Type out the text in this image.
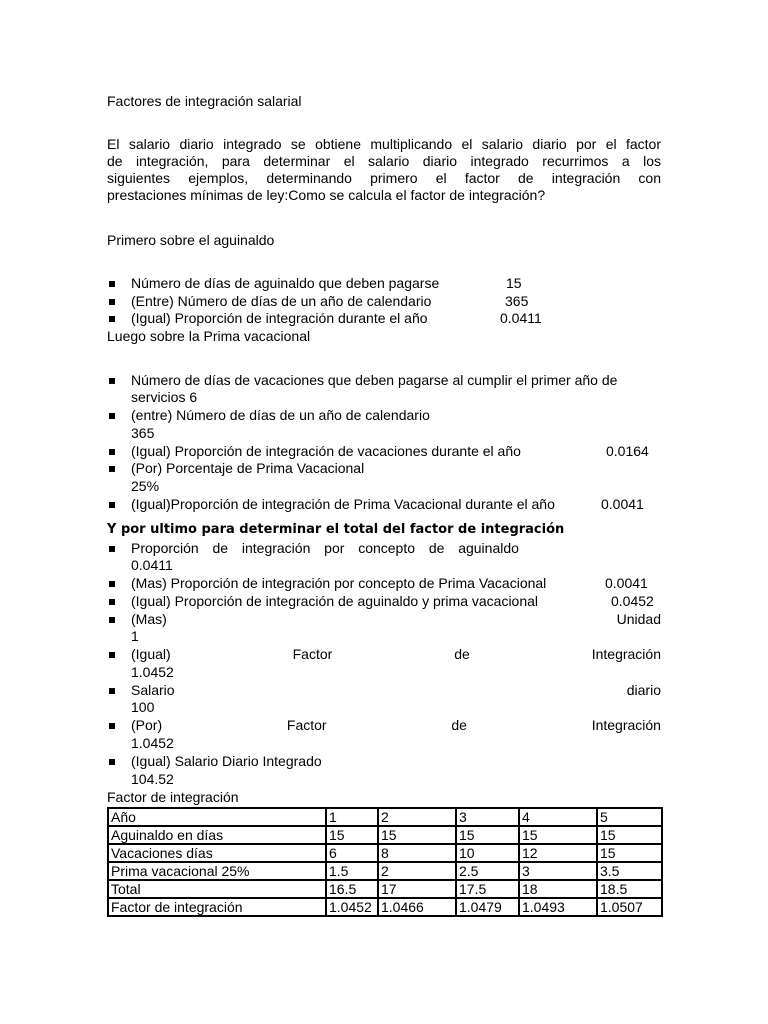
Factores de integración salarial
El salario diario integrado se obtiene multiplicando el salario diario por el factor
de integración, para determinar el salario diario integrado recurrimos a los
siguientes ejemplos, determinando primero el factor de integración con
prestaciones mínimas de ley:Como se calcula el factor de integración?
Primero sobre el aguinaldo
Número de días de aguinaldo que deben pagarse	15
(Entre) Número de días de un año de calendario	365
(Igual) Proporción de integración durante el año	0.0411
Luego sobre la Prima vacacional
Número de días de vacaciones que deben pagarse al cumplir el primer año de
servicios 6
(entre) Número de días de un año de calendario
365
(Igual) Proporción de integración de vacaciones durante el año	0.0164
(Por) Porcentaje de Prima Vacacional
25%
(Igual)Proporción de integración de Prima Vacacional durante el año	0.0041
Y por ultimo para determinar el total del factor de integración
Proporción de integración por concepto de aguinaldo
0.0411
(Mas) Proporción de integración por concepto de Prima Vacacional	0.0041
(Igual) Proporción de integración de aguinaldo y prima vacacional	0.0452
(Mas)	Unidad
1
(Igual)	Factor	de	Integración
1.0452
Salario	diario
100
(Por)	Factor	de	Integración
1.0452
(Igual) Salario Diario Integrado
104.52
Factor de integración
Año	1	2	3	4	5
Aguinaldo en días	15	15	15	15	15
Vacaciones días	6	8	10	12	15
Prima vacacional 25%	1.5	2	2.5	3	3.5
Total	16.5	17	17.5	18	18.5
Factor de integración	1.0452	1.0466	1.0479	1.0493	1.0507
